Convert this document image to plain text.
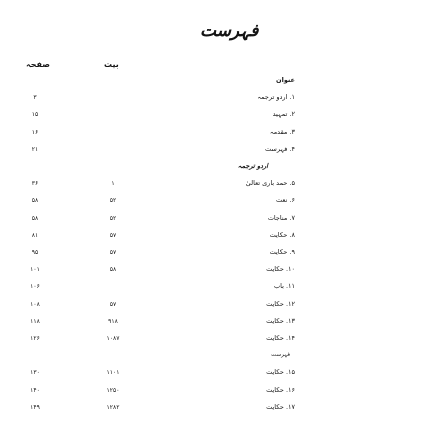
فہرست
صفحہ	بیت
عنوان
۳	۱. اردو ترجمہ
۱۵	۲. تمہید
۱۶	۳. مقدمہ
۲۱	۴. فہرست
اردو ترجمہ
۳۶	۱	۵. حمد باری تعالیٰ
۵۸	۵۲	۶. نعت
۵۸	۵۲	۷. مناجات
۸۱	۵۷	۸. حکایت
۹۵	۵۷	۹. حکایت
۱۰۱	۵۸	۱۰. حکایت
۱۰۶	۱۱. باب
۱۰۸	۵۷	۱۲. حکایت
۱۱۸	۹۱۸	۱۳. حکایت
۱۲۶	۱۰۸۷	۱۴. حکایت
فہرست
۱۳۰	۱۱۰۱	۱۵. حکایت
۱۴۰	۱۲۵۰	۱۶. حکایت
۱۴۹	۱۲۸۲	۱۷. حکایت
